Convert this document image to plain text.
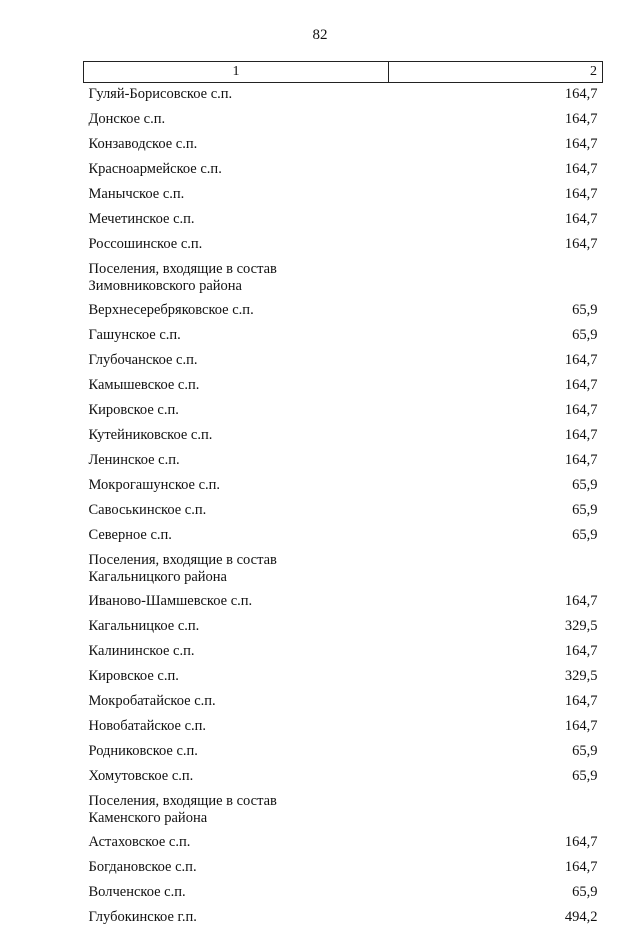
82
1	2
Гуляй-Борисовское с.п.	164,7
Донское с.п.	164,7
Конзаводское с.п.	164,7
Красноармейское с.п.	164,7
Манычское с.п.	164,7
Мечетинское с.п.	164,7
Россошинское с.п.	164,7
Поселения, входящие в состав
Зимовниковского района	
Верхнесеребряковское с.п.	65,9
Гашунское с.п.	65,9
Глубочанское с.п.	164,7
Камышевское с.п.	164,7
Кировское с.п.	164,7
Кутейниковское с.п.	164,7
Ленинское с.п.	164,7
Мокрогашунское с.п.	65,9
Савоськинское с.п.	65,9
Северное с.п.	65,9
Поселения, входящие в состав
Кагальницкого района	
Иваново-Шамшевское с.п.	164,7
Кагальницкое с.п.	329,5
Калининское с.п.	164,7
Кировское с.п.	329,5
Мокробатайское с.п.	164,7
Новобатайское с.п.	164,7
Родниковское с.п.	65,9
Хомутовское с.п.	65,9
Поселения, входящие в состав
Каменского района	
Астаховское с.п.	164,7
Богдановское с.п.	164,7
Волченское с.п.	65,9
Глубокинское г.п.	494,2
